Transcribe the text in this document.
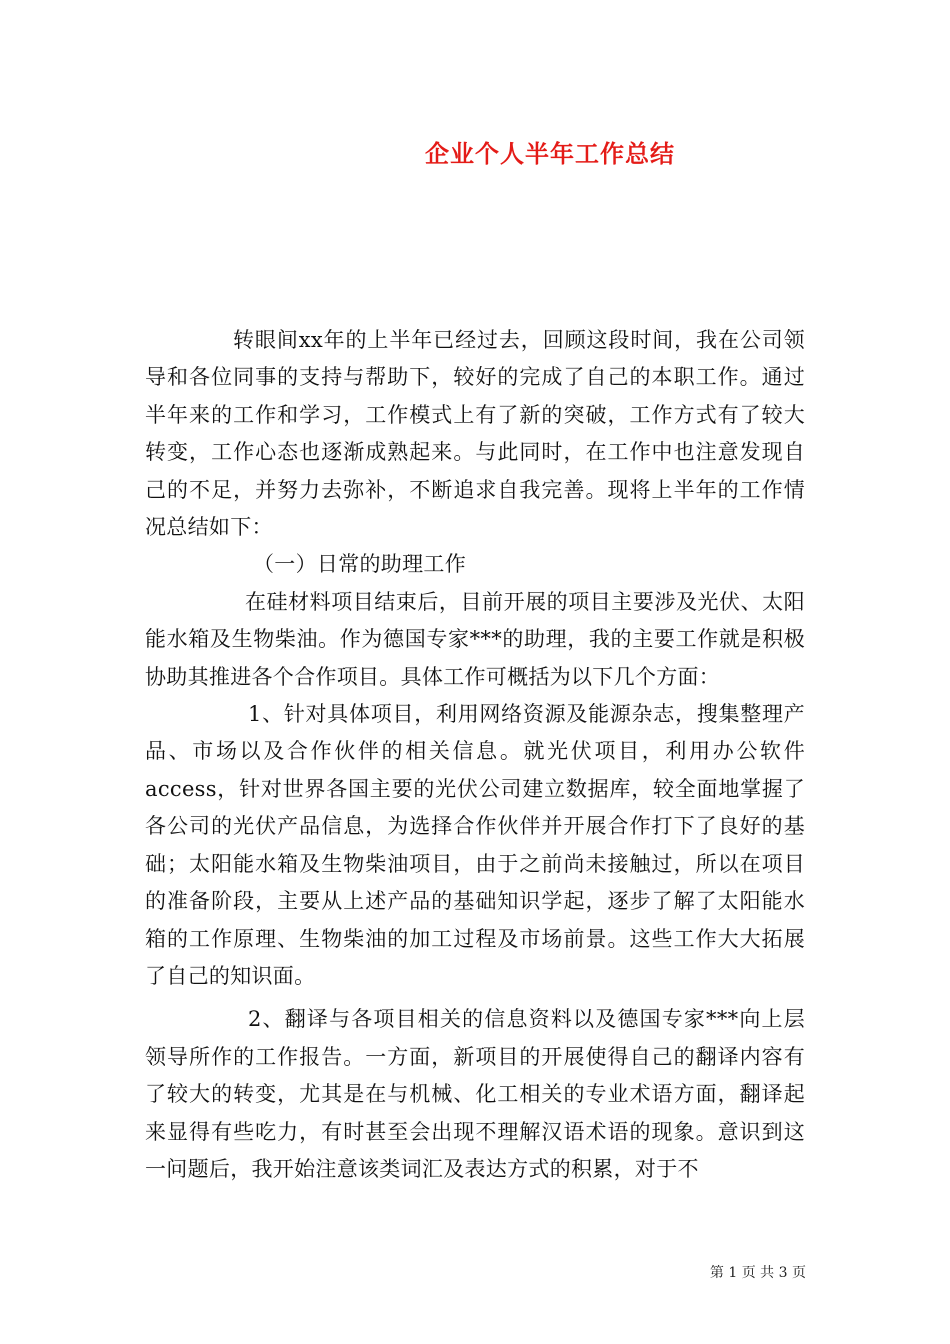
企业个人半年工作总结

转眼间xx年的上半年已经过去，回顾这段时间，我在公司领导和各位同事的支持与帮助下，较好的完成了自己的本职工作。通过半年来的工作和学习，工作模式上有了新的突破，工作方式有了较大转变，工作心态也逐渐成熟起来。与此同时，在工作中也注意发现自己的不足，并努力去弥补，不断追求自我完善。现将上半年的工作情况总结如下：

（一）日常的助理工作

在硅材料项目结束后，目前开展的项目主要涉及光伏、太阳能水箱及生物柴油。作为德国专家***的助理，我的主要工作就是积极协助其推进各个合作项目。具体工作可概括为以下几个方面：

1、针对具体项目，利用网络资源及能源杂志，搜集整理产品、市场以及合作伙伴的相关信息。就光伏项目，利用办公软件access，针对世界各国主要的光伏公司建立数据库，较全面地掌握了各公司的光伏产品信息，为选择合作伙伴并开展合作打下了良好的基础；太阳能水箱及生物柴油项目，由于之前尚未接触过，所以在项目的准备阶段，主要从上述产品的基础知识学起，逐步了解了太阳能水箱的工作原理、生物柴油的加工过程及市场前景。这些工作大大拓展了自己的知识面。

2、翻译与各项目相关的信息资料以及德国专家***向上层领导所作的工作报告。一方面，新项目的开展使得自己的翻译内容有了较大的转变，尤其是在与机械、化工相关的专业术语方面，翻译起来显得有些吃力，有时甚至会出现不理解汉语术语的现象。意识到这一问题后，我开始注意该类词汇及表达方式的积累，对于不

第 1 页 共 3 页
